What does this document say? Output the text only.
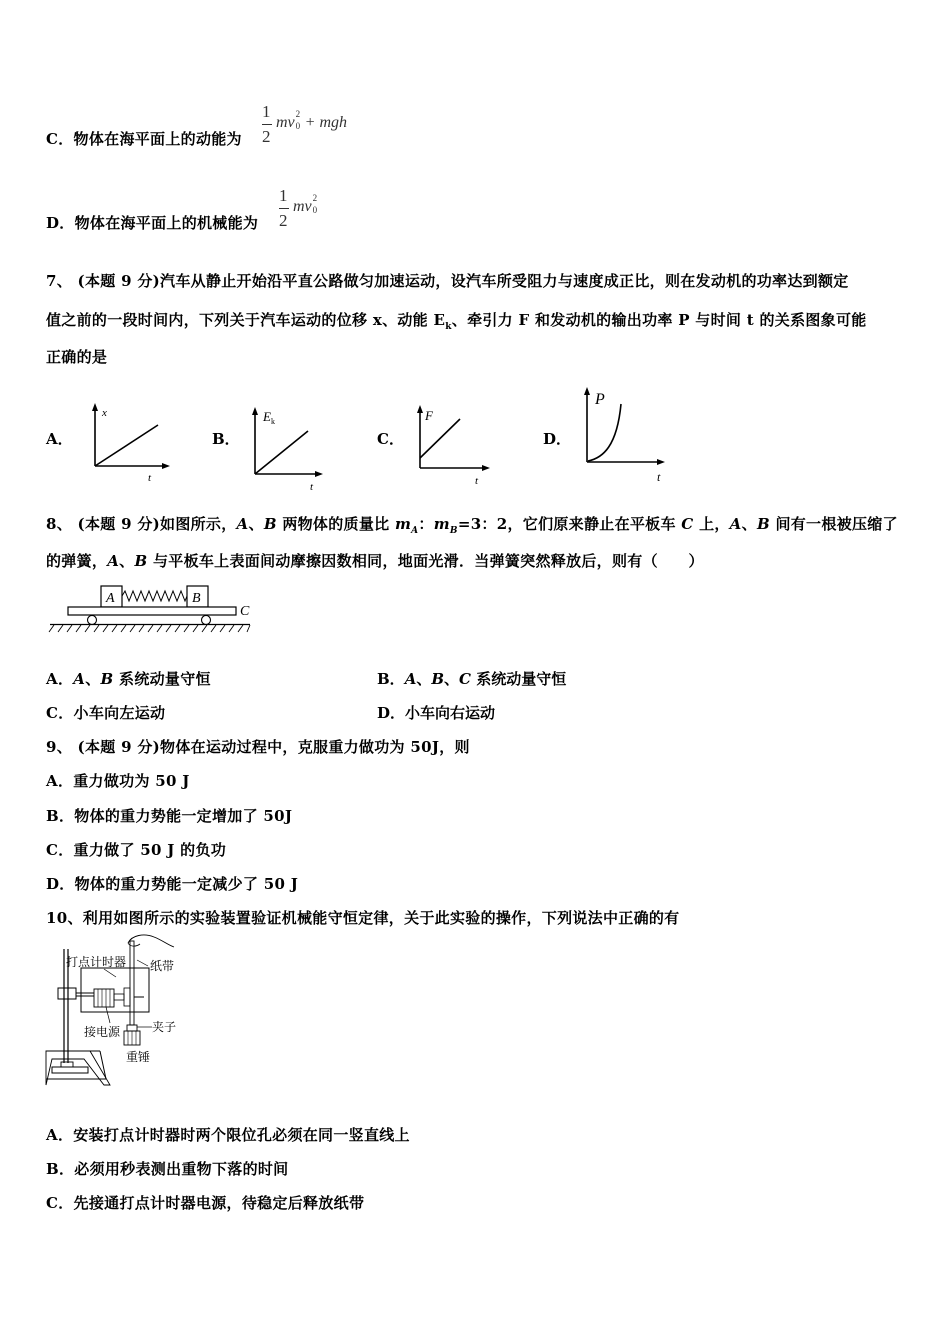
C．物体在海平面上的动能为
1
2
mv 2
0 + mgh
D．物体在海平面上的机械能为
1
2
mv 2
0
7、 (本题 9 分)汽车从静止开始沿平直公路做匀加速运动，设汽车所受阻力与速度成正比，则在发动机的功率达到额定
值之前的一段时间内，下列关于汽车运动的位移 x、动能 $E_k$、牵引力 F 和发动机的输出功率 P 与时间 t 的关系图象可能
正确的是
A．
x
t
B．
E k
t
C．
F
t
D．
P
t
8、 (本题 9 分)如图所示，A、B 两物体的质量比 $m_A$：$m_B=3$：2，它们原来静止在平板车 C 上，A、B 间有一根被压缩了
的弹簧，A、B 与平板车上表面间动摩擦因数相同，地面光滑．当弹簧突然释放后，则有（　　）
A	B
C
A．A、B 系统动量守恒	B．A、B、C 系统动量守恒
C．小车向左运动	D．小车向右运动
9、 (本题 9 分)物体在运动过程中，克服重力做功为 50J，则
A．重力做功为 50 J
B．物体的重力势能一定增加了 50J
C．重力做了 50 J 的负功
D．物体的重力势能一定减少了 50 J
10、利用如图所示的实验装置验证机械能守恒定律，关于此实验的操作，下列说法中正确的有
打点计时器 纸带
接电源	夹子
重锤
A．安装打点计时器时两个限位孔必须在同一竖直线上
B．必须用秒表测出重物下落的时间
C．先接通打点计时器电源，待稳定后释放纸带
